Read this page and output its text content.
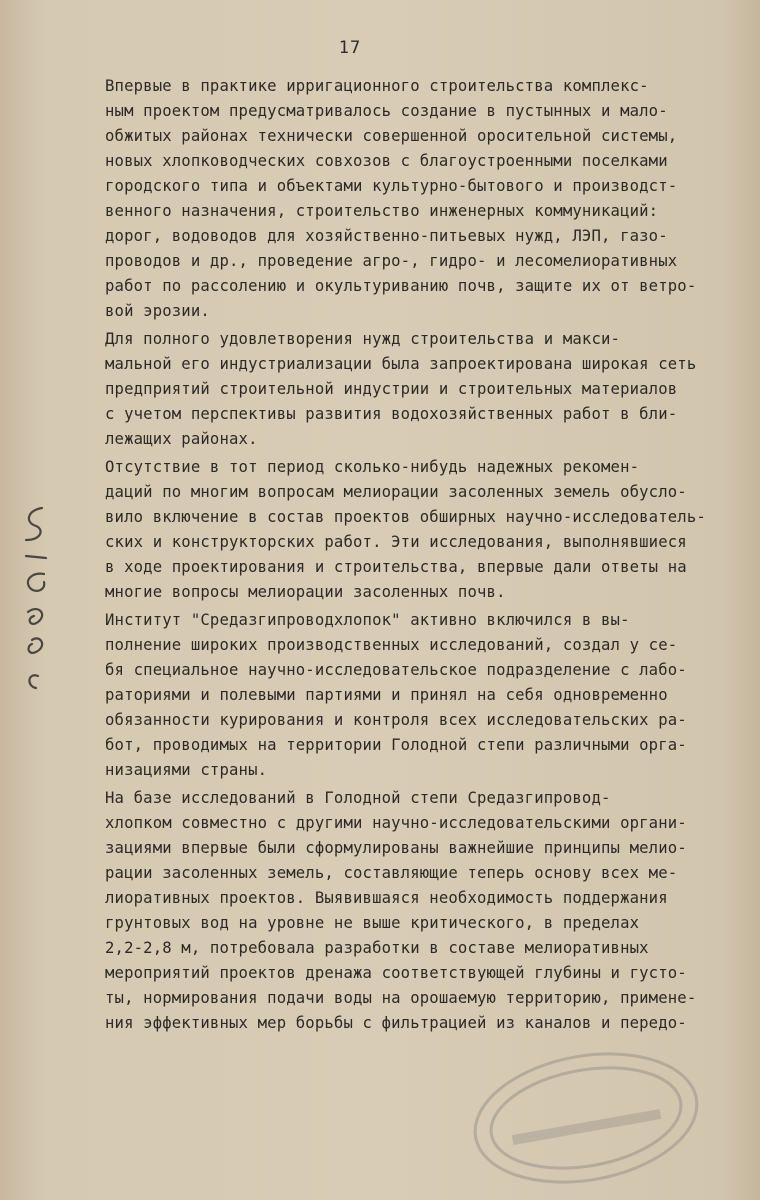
17
Впервые в практике ирригационного строительства комплекс-
ным проектом предусматривалось создание в пустынных и мало-
обжитых районах технически совершенной оросительной системы,
новых хлопководческих совхозов с благоустроенными поселками
городского типа и объектами культурно-бытового и производст-
венного назначения, строительство инженерных коммуникаций:
дорог, водоводов для хозяйственно-питьевых нужд, ЛЭП, газо-
проводов и др., проведение агро-, гидро- и лесомелиоративных
работ по рассолению и окультуриванию почв, защите их от ветро-
вой эрозии.
Для полного удовлетворения нужд строительства и макси-
мальной его индустриализации была запроектирована широкая сеть
предприятий строительной индустрии и строительных материалов
с учетом перспективы развития водохозяйственных работ в бли-
лежащих районах.
Отсутствие в тот период сколько-нибудь надежных рекомен-
даций по многим вопросам мелиорации засоленных земель обусло-
вило включение в состав проектов обширных научно-исследователь-
ских и конструкторских работ. Эти исследования, выполнявшиеся
в ходе проектирования и строительства, впервые дали ответы на
многие вопросы мелиорации засоленных почв.
Институт "Средазгипроводхлопок" активно включился в вы-
полнение широких производственных исследований, создал у се-
бя специальное научно-исследовательское подразделение с лабо-
раториями и полевыми партиями и принял на себя одновременно
обязанности курирования и контроля всех исследовательских ра-
бот, проводимых на территории Голодной степи различными орга-
низациями страны.
На базе исследований в Голодной степи Средазгипровод-
хлопком совместно с другими научно-исследовательскими органи-
зациями впервые были сформулированы важнейшие принципы мелио-
рации засоленных земель, составляющие теперь основу всех ме-
лиоративных проектов. Выявившаяся необходимость поддержания
грунтовых вод на уровне не выше критического, в пределах
2,2-2,8 м, потребовала разработки в составе мелиоративных
мероприятий проектов дренажа соответствующей глубины и густо-
ты, нормирования подачи воды на орошаемую территорию, примене-
ния эффективных мер борьбы с фильтрацией из каналов и передо-
